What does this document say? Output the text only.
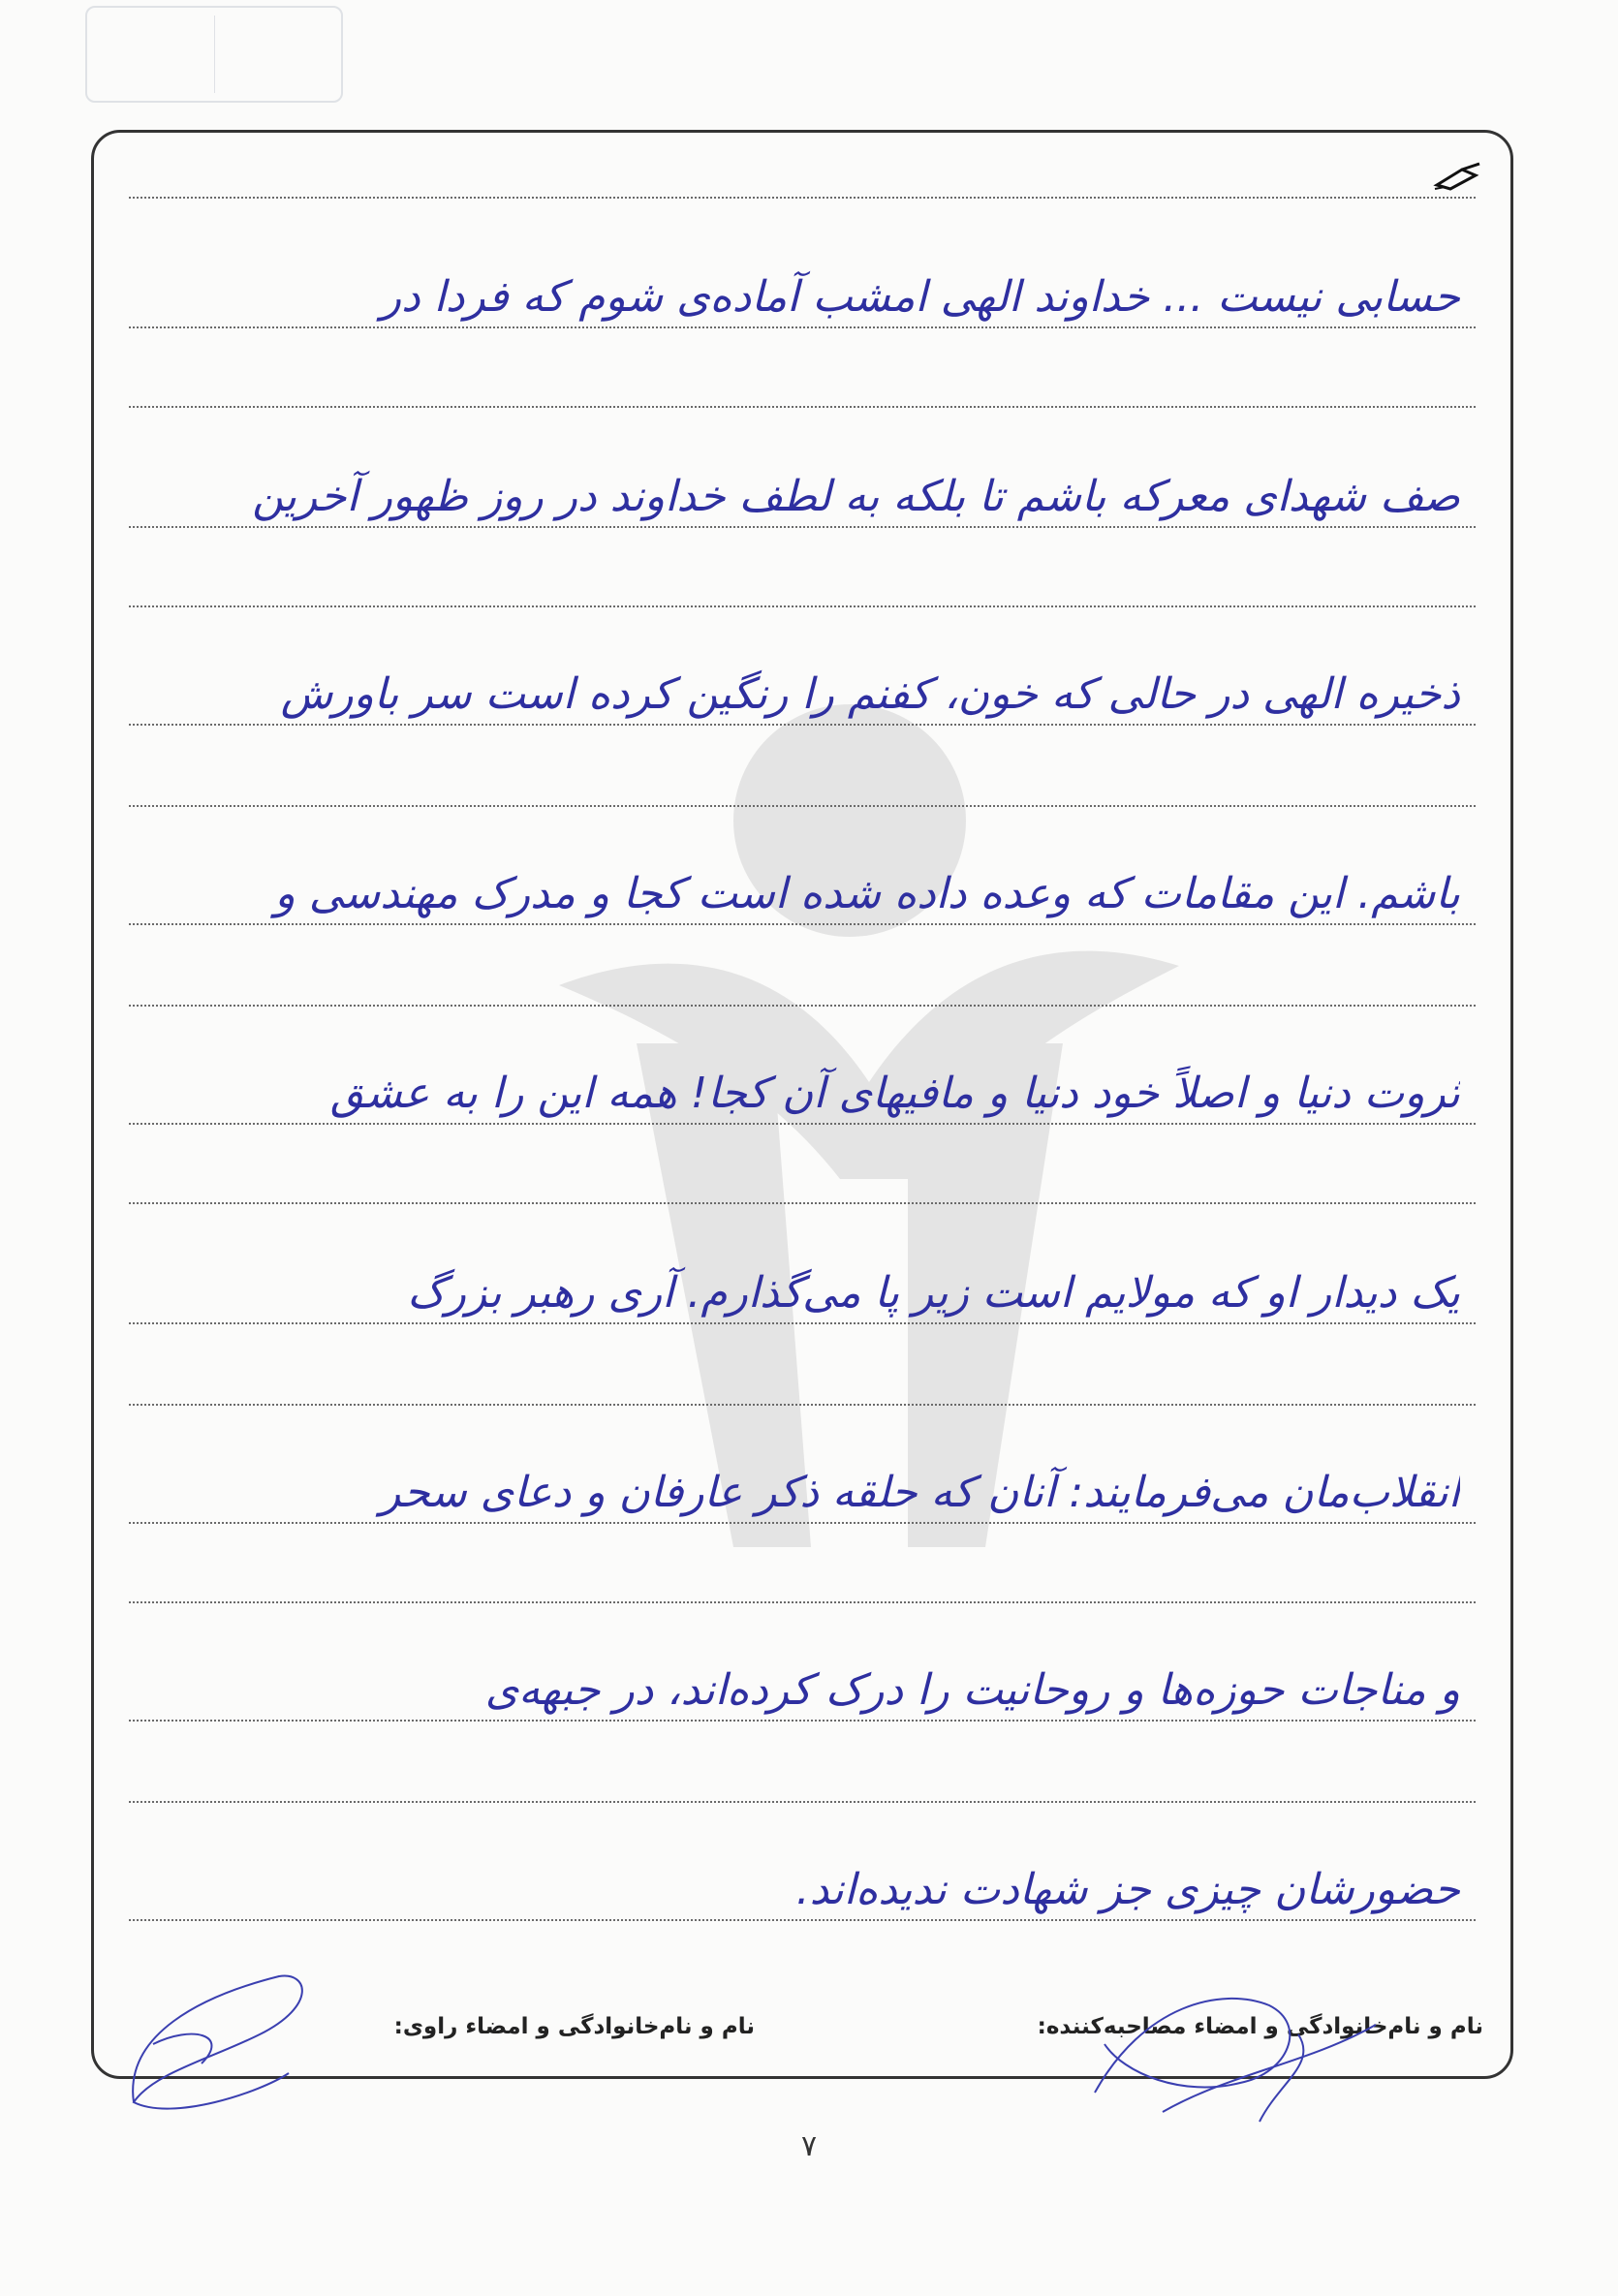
حسابی نیست ... خداوند الهی امشب آماده‌ی شوم که فردا در
صف شهدای معرکه باشم تا بلکه به لطف خداوند در روز ظهور آخرین
ذخیره الهی در حالی که خون، کفنم را رنگین کرده است سر باورش
باشم. این مقامات که وعده داده شده است کجا و مدرک مهندسی و
ثروت دنیا و اصلاً خود دنیا و مافیهای آن کجا! همه این را به عشق
یک دیدار او که مولایم است زیر پا می‌گذارم. آری رهبر بزرگ
انقلاب‌مان می‌فرمایند: آنان که حلقه ذکر عارفان و دعای سحر
و مناجات حوزه‌ها و روحانیت را درک کرده‌اند، در جبهه‌ی
حضورشان چیزی جز شهادت ندیده‌اند.
نام و نام‌خانوادگی و امضاء مصاحبه‌کننده:
نام و نام‌خانوادگی و امضاء راوی:
۷
